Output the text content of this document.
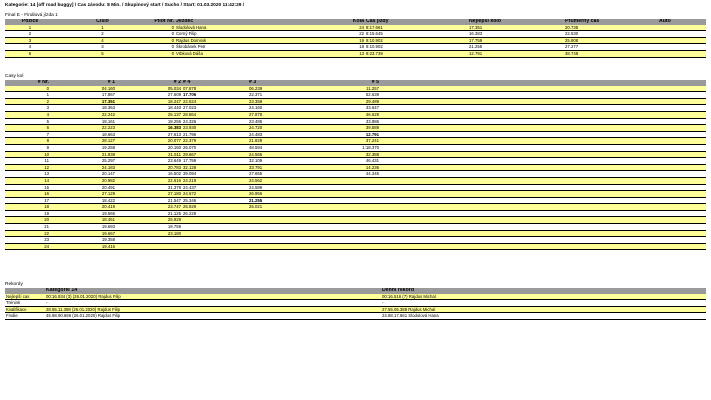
Kategorie: 14 [off road buggy] / Cas závodu: 8 Min. / Skupinový start / Sucho / Start: 01.03.2020 11:42:29 /
Final E - Finálová jízda 1
Pozice	Císlo	Pilot Nr.	Jezdec	Kola	Cas jízdy	Nejlepší kolo	Prumerný cas	Auto
1	1	0	Slodolová Hana	24	8:17.661	17.351	20.735	
2	2	0	Cerný Filip	22	8:15.645	16.383	22.530	
3	4	0	Rajdus Dominik	19	8:10.902	17.759	25.808	
4	3	0	Škrobánek Petr	18	8:10.902	21.255	27.277	
5	5	0	Vrbková Dáša	13	8:23.739	12.791	38.748	
Casy kol
# Nr.	# 1	# 2	# 4	# 3	# 5	
0	04.160	05.034	07.878	06.239	11.257	
1	17.867	27.609	17.706	22.371	52.639	
2	17.351	18.247	22.624	23.358	29.489	
3	18.363	18.440	27.023	24.160	33.647	
4	22.242	25.137	28.864	27.878	46.629	
5	18.161	18.256	24.326	23.486	33.886	
6	22.223	16.383	23.930	24.720	39.589	
7	18.663	27.613	21.795	24.483	12.791	
8	28.127	20.077	22.379	21.829	37.241	
9	19.258	20.160	26.070	48.594	1:18.370	
10	21.838	21.511	29.667	24.566	32.388	
11	25.297	23.649	17.759	32.109	46.431	
12	24.183	20.783	32.128	33.791	14.236	
13	20.147	16.502	39.094	27.655	44.345	
14	20.982	22.616	24.219	24.562		
15	20.491	31.379	24.437	24.589		
16	27.129	27.180	24.672	26.956		
17	18.422	21.547	25.346	21.255		
18	20.419	23.747	25.929	25.021		
19	19.566	21.125	26.229			
20	18.451	25.929				
21	19.693	19.759				
22	19.667	23.180				
23	19.358					
24	19.415					
Rekordy
	Kategorie 14	Denní rekord
Nejlepší cas	00:16.934 (3) (26.01.2020) Rajdus Filip	00:16.516 (7) Rajdus Michal
Trénink	-	-
Kvalifikace	28.95.11.398 (26.01.2020) Rajdus Filip	27.65.05.388 Rajdus Michal
Finále	45.98.90.686 (26.01.2020) Rajdus Filip	24.88.17.661 Slodolová Hana
